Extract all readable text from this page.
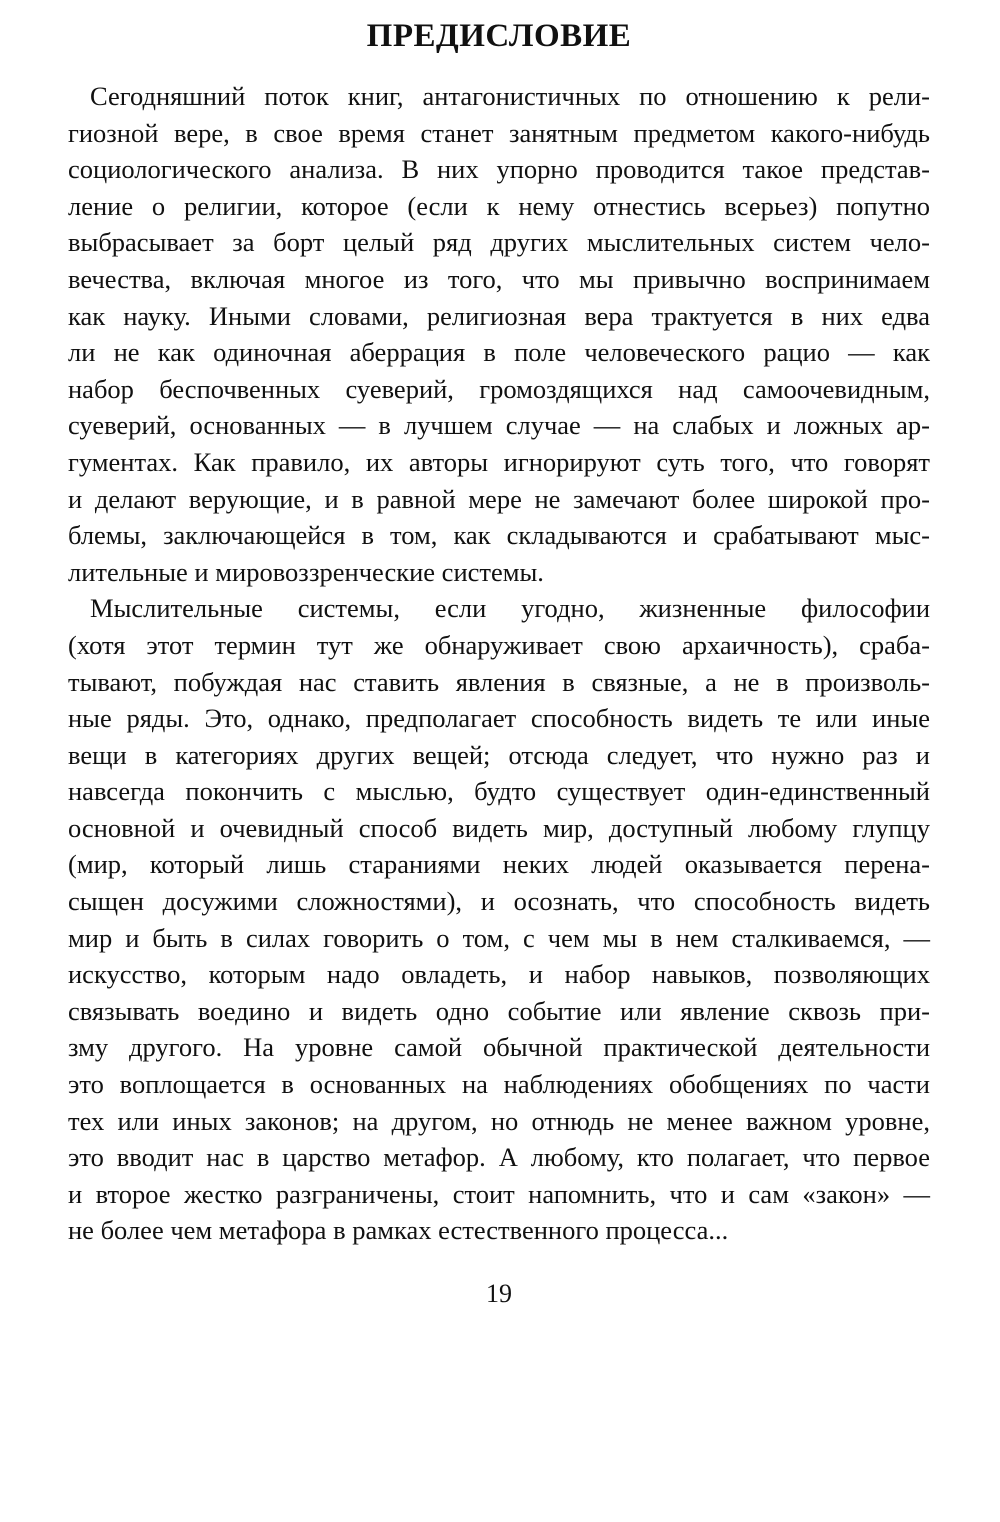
ПРЕДИСЛОВИЕ

Сегодняшний поток книг, антагонистичных по отношению к рели-
гиозной вере, в свое время станет занятным предметом какого-нибудь
социологического анализа. В них упорно проводится такое представ-
ление о религии, которое (если к нему отнестись всерьез) попутно
выбрасывает за борт целый ряд других мыслительных систем чело-
вечества, включая многое из того, что мы привычно воспринимаем
как науку. Иными словами, религиозная вера трактуется в них едва
ли не как одиночная аберрация в поле человеческого рацио — как
набор беспочвенных суеверий, громоздящихся над самоочевидным,
суеверий, основанных — в лучшем случае — на слабых и ложных ар-
гументах. Как правило, их авторы игнорируют суть того, что говорят
и делают верующие, и в равной мере не замечают более широкой про-
блемы, заключающейся в том, как складываются и срабатывают мыс-
лительные и мировоззренческие системы.

Мыслительные системы, если угодно, жизненные философии
(хотя этот термин тут же обнаруживает свою архаичность), сраба-
тывают, побуждая нас ставить явления в связные, а не в произволь-
ные ряды. Это, однако, предполагает способность видеть те или иные
вещи в категориях других вещей; отсюда следует, что нужно раз и
навсегда покончить с мыслью, будто существует один-единственный
основной и очевидный способ видеть мир, доступный любому глупцу
(мир, который лишь стараниями неких людей оказывается перена-
сыщен досужими сложностями), и осознать, что способность видеть
мир и быть в силах говорить о том, с чем мы в нем сталкиваемся, —
искусство, которым надо овладеть, и набор навыков, позволяющих
связывать воедино и видеть одно событие или явление сквозь при-
зму другого. На уровне самой обычной практической деятельности
это воплощается в основанных на наблюдениях обобщениях по части
тех или иных законов; на другом, но отнюдь не менее важном уровне,
это вводит нас в царство метафор. А любому, кто полагает, что первое
и второе жестко разграничены, стоит напомнить, что и сам «закон» —
не более чем метафора в рамках естественного процесса...

19
